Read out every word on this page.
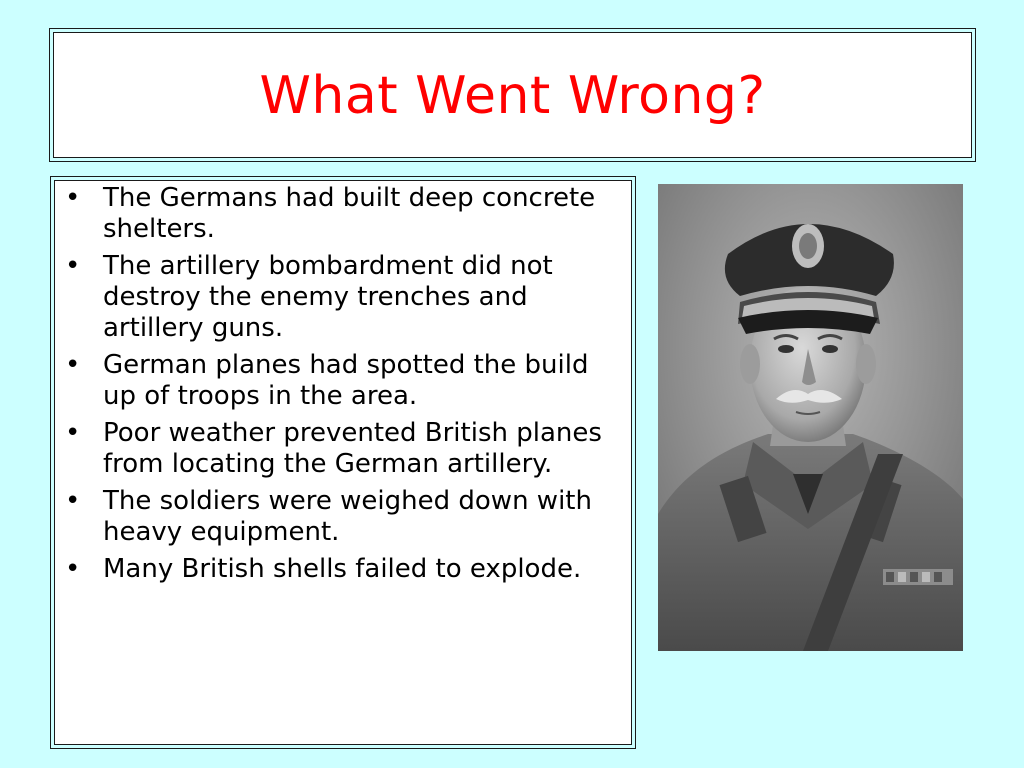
What Went Wrong?
• The Germans had built deep concrete shelters.
• The artillery bombardment did not destroy the enemy trenches and artillery guns.
• German planes had spotted the build up of troops in the area.
• Poor weather prevented British planes from locating the German artillery.
• The soldiers were weighed down with heavy equipment.
• Many British shells failed to explode.
